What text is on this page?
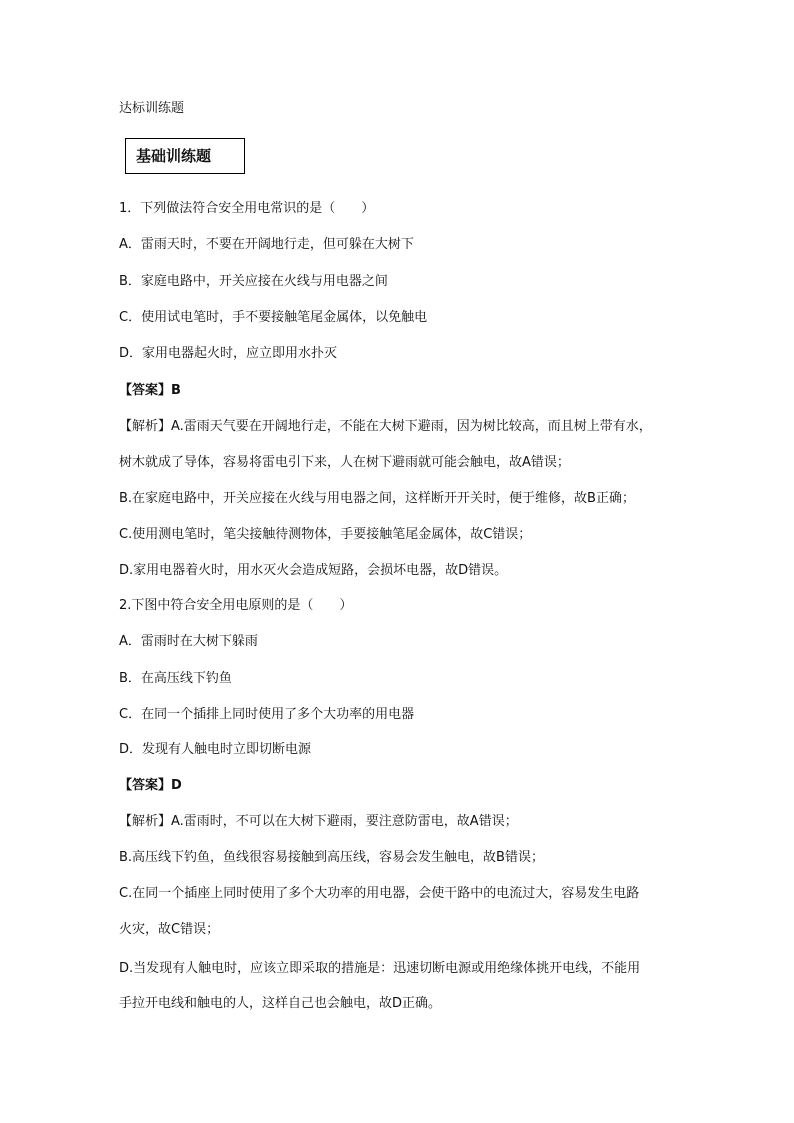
达标训练题
基础训练题
1．下列做法符合安全用电常识的是（　　）
A．雷雨天时，不要在开阔地行走，但可躲在大树下
B．家庭电路中，开关应接在火线与用电器之间
C．使用试电笔时，手不要接触笔尾金属体，以免触电
D．家用电器起火时，应立即用水扑灭
【答案】B
【解析】A.雷雨天气要在开阔地行走，不能在大树下避雨，因为树比较高，而且树上带有水，
树木就成了导体，容易将雷电引下来，人在树下避雨就可能会触电，故A错误；
B.在家庭电路中，开关应接在火线与用电器之间，这样断开开关时，便于维修，故B正确；
C.使用测电笔时，笔尖接触待测物体，手要接触笔尾金属体，故C错误；
D.家用电器着火时，用水灭火会造成短路，会损坏电器，故D错误。
2.下图中符合安全用电原则的是（　　）
A．雷雨时在大树下躲雨
B．在高压线下钓鱼
C．在同一个插排上同时使用了多个大功率的用电器
D．发现有人触电时立即切断电源
【答案】D
【解析】A.雷雨时，不可以在大树下避雨，要注意防雷电，故A错误；
B.高压线下钓鱼，鱼线很容易接触到高压线，容易会发生触电，故B错误；
C.在同一个插座上同时使用了多个大功率的用电器，会使干路中的电流过大，容易发生电路
火灾，故C错误；
D.当发现有人触电时，应该立即采取的措施是：迅速切断电源或用绝缘体挑开电线，不能用
手拉开电线和触电的人，这样自己也会触电，故D正确。
